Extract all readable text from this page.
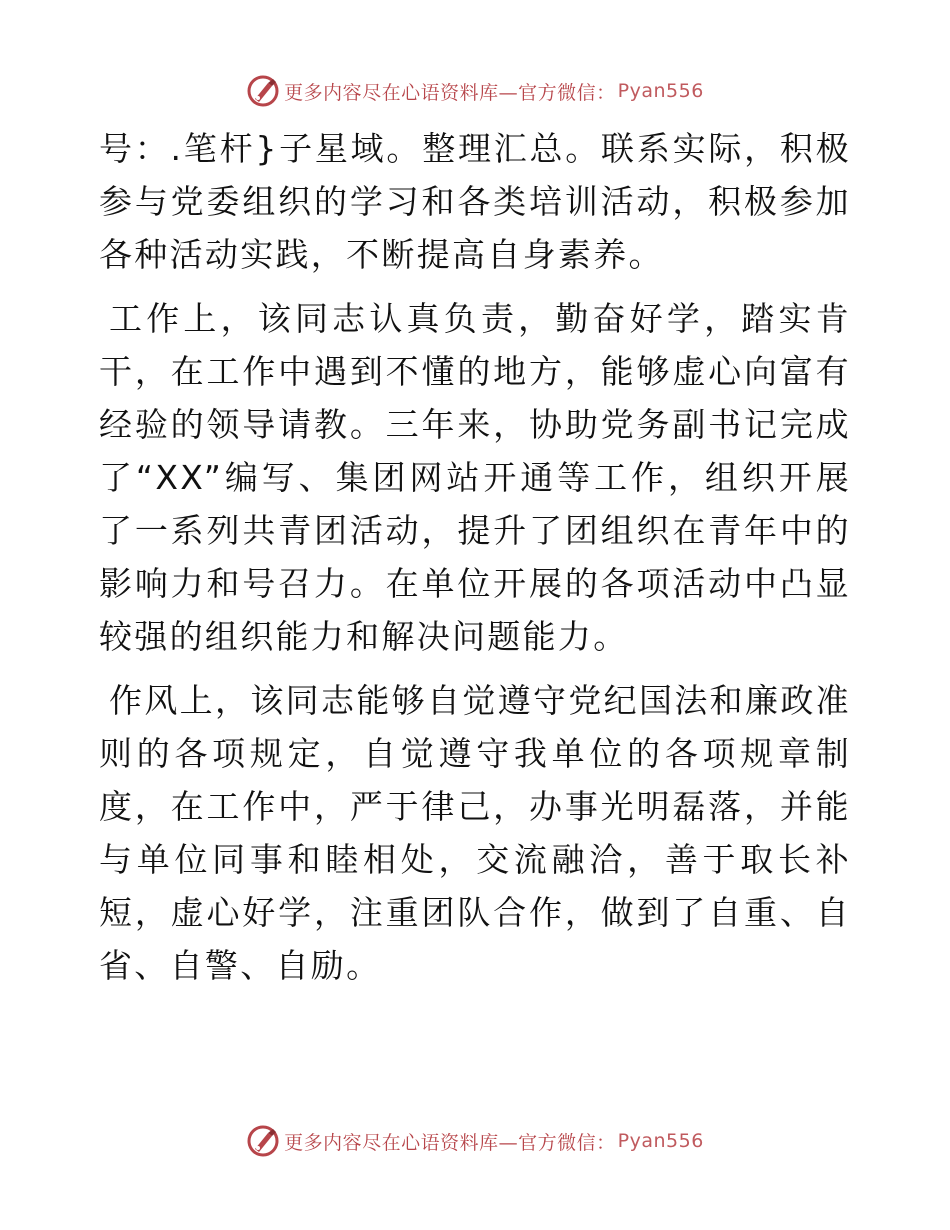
更多内容尽在心语资料库—官方微信： Pyan556

号：.笔杆}子星域。整理汇总。联系实际，积极参与党委组织的学习和各类培训活动，积极参加各种活动实践，不断提高自身素养。

工作上，该同志认真负责，勤奋好学，踏实肯干，在工作中遇到不懂的地方，能够虚心向富有经验的领导请教。三年来，协助党务副书记完成了“XX”编写、集团网站开通等工作，组织开展了一系列共青团活动，提升了团组织在青年中的影响力和号召力。在单位开展的各项活动中凸显较强的组织能力和解决问题能力。

作风上，该同志能够自觉遵守党纪国法和廉政准则的各项规定，自觉遵守我单位的各项规章制度，在工作中，严于律己，办事光明磊落，并能与单位同事和睦相处，交流融洽，善于取长补短，虚心好学，注重团队合作，做到了自重、自省、自警、自励。

更多内容尽在心语资料库—官方微信： Pyan556
